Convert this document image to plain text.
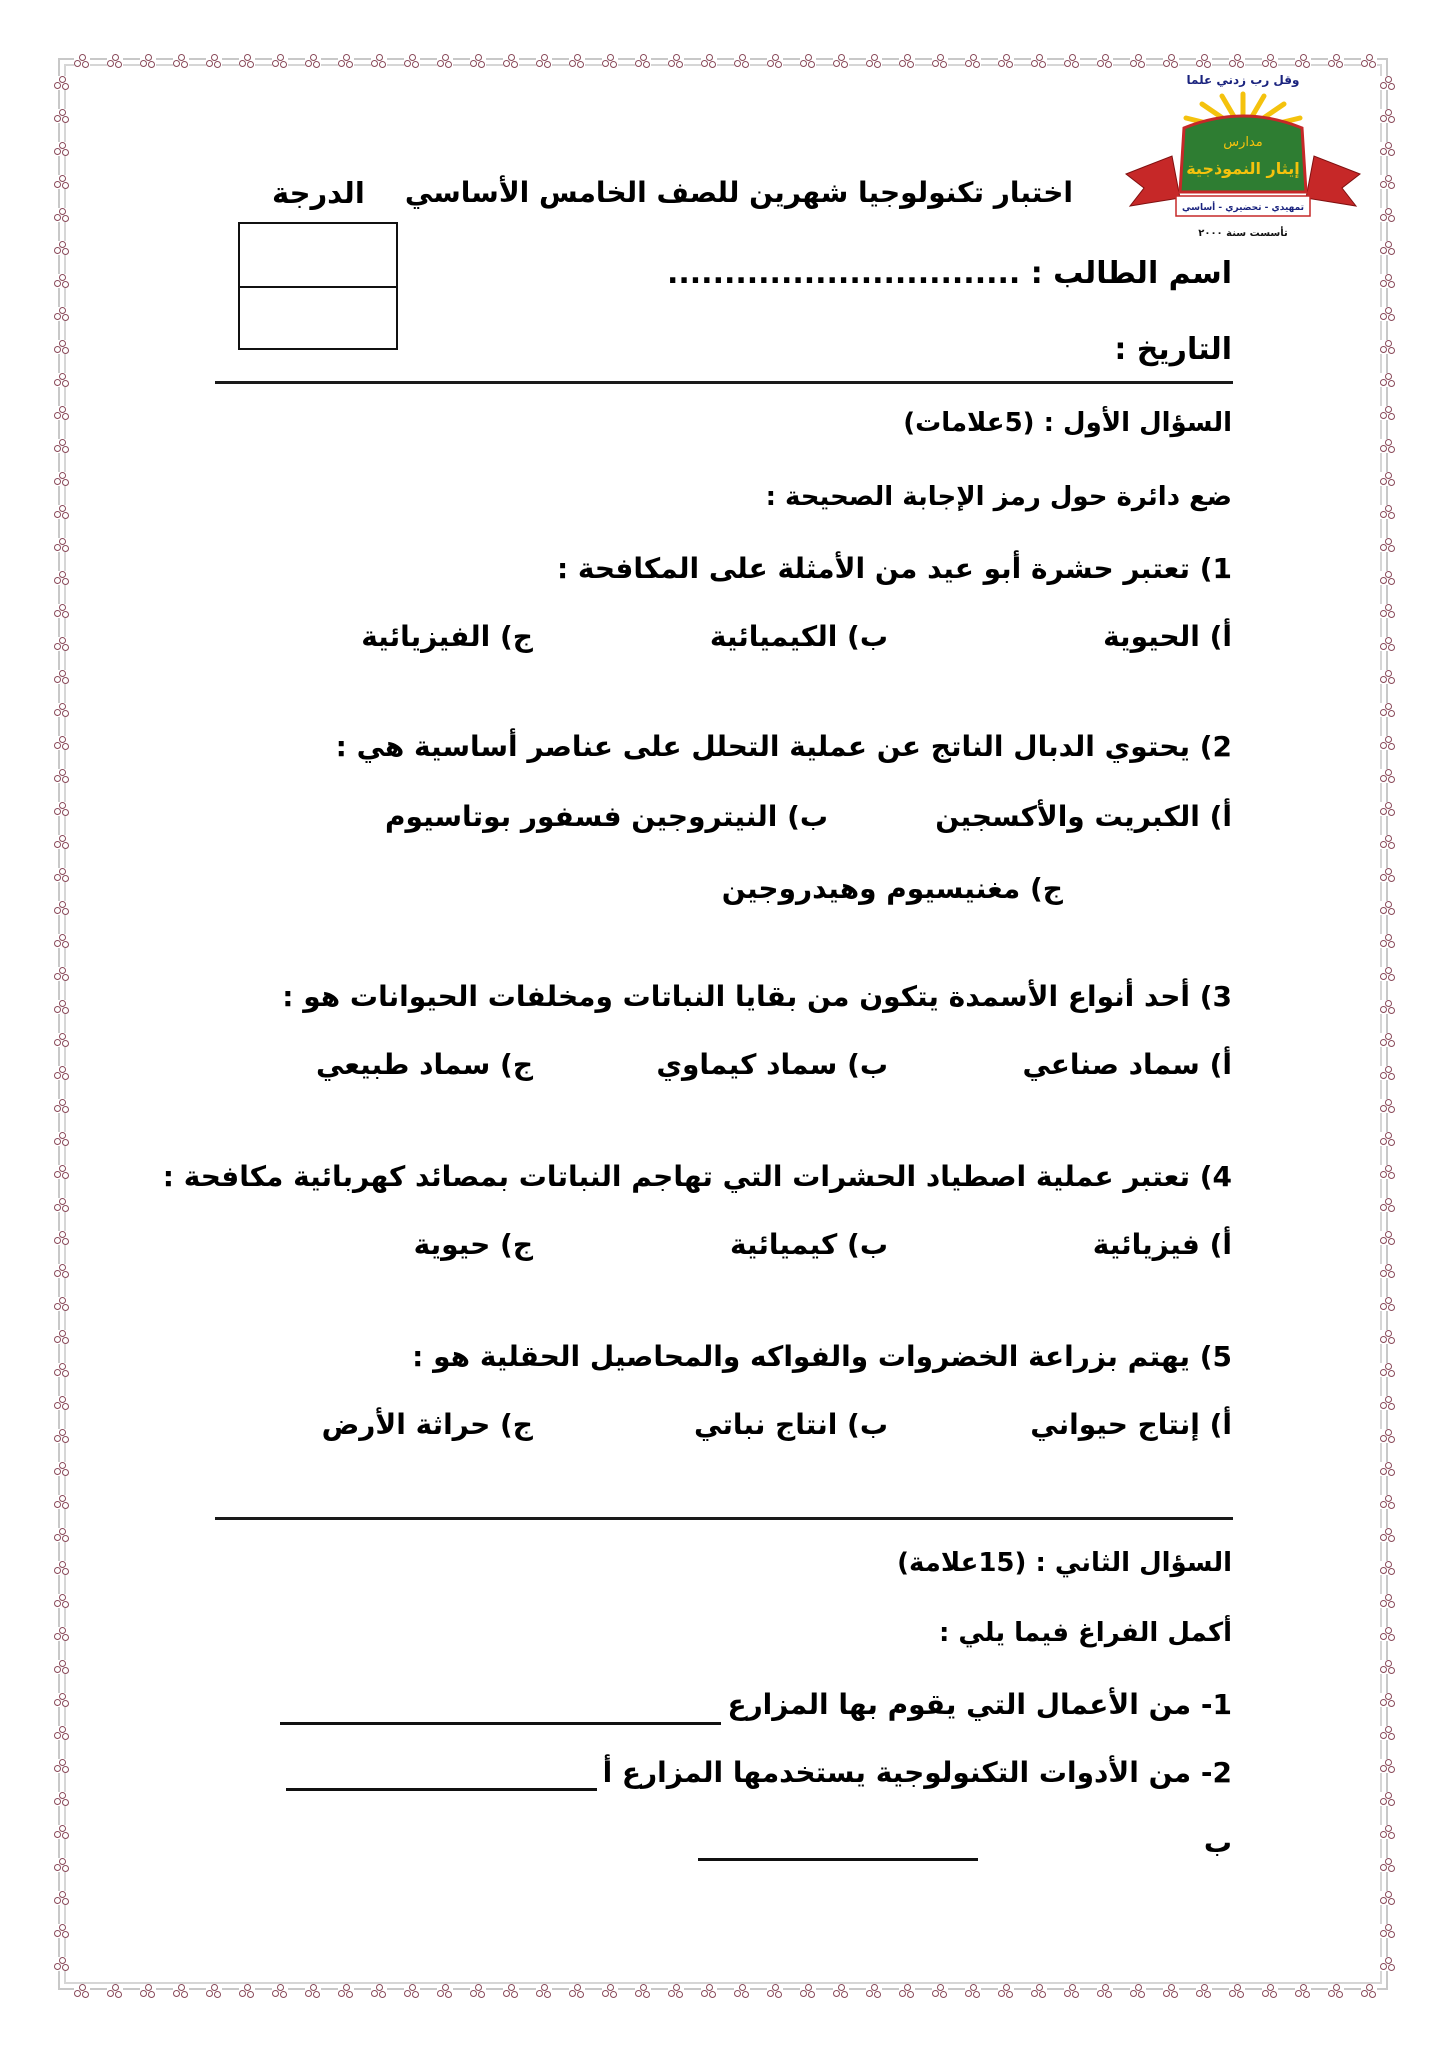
وقل رب زدني علما
مدارس
إيثار النموذجية
تمهيدي - تحضيري - أساسي
تأسست سنة ٢٠٠٠
اختبار تكنولوجيا شهرين للصف الخامس الأساسي
الدرجة
اسم الطالب : ...............................
التاريخ :
السؤال الأول : (5علامات)
ضع دائرة حول رمز الإجابة الصحيحة :
1) تعتبر حشرة أبو عيد من الأمثلة على المكافحة :
أ) الحيوية
ب) الكيميائية
ج) الفيزيائية
2) يحتوي الدبال الناتج عن عملية التحلل على عناصر أساسية هي :
أ) الكبريت والأكسجين
ب) النيتروجين فسفور بوتاسيوم
ج) مغنيسيوم وهيدروجين
3) أحد أنواع الأسمدة يتكون من بقايا النباتات ومخلفات الحيوانات هو :
أ) سماد صناعي
ب) سماد كيماوي
ج) سماد طبيعي
4) تعتبر عملية اصطياد الحشرات التي تهاجم النباتات بمصائد كهربائية مكافحة :
أ) فيزيائية
ب) كيميائية
ج) حيوية
5) يهتم بزراعة الخضروات والفواكه والمحاصيل الحقلية هو :
أ) إنتاج حيواني
ب) انتاج نباتي
ج) حراثة الأرض
السؤال الثاني : (15علامة)
أكمل الفراغ فيما يلي :
1- من الأعمال التي يقوم بها المزارع
2- من الأدوات التكنولوجية يستخدمها المزارع أ
ب
